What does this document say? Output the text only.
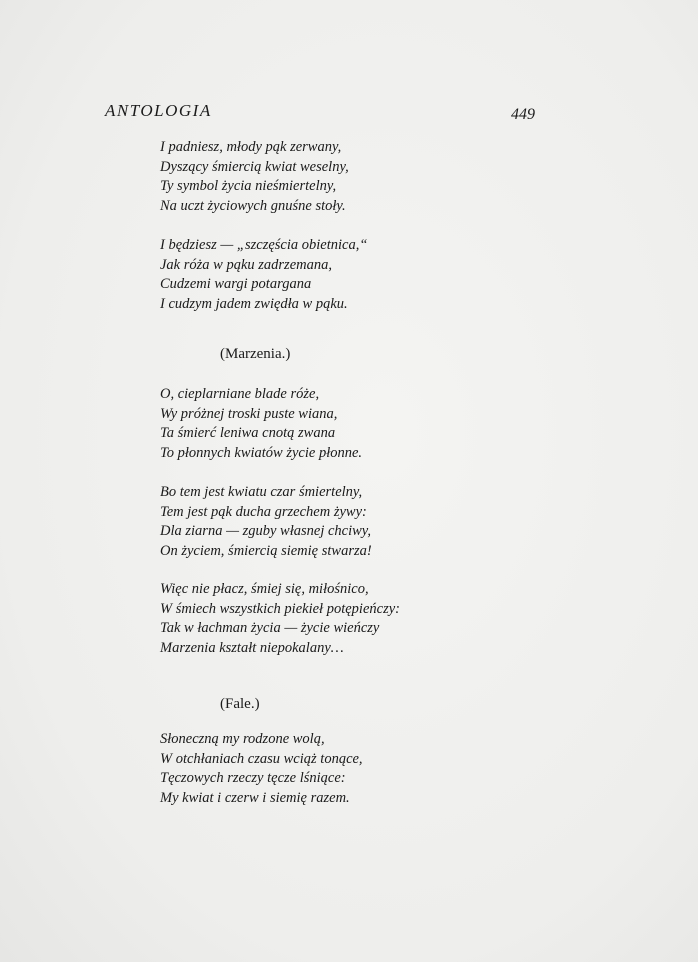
ANTOLOGIA	449
I padniesz, młody pąk zerwany,
Dyszący śmiercią kwiat weselny,
Ty symbol życia nieśmiertelny,
Na uczt życiowych gnuśne stoły.
I będziesz — „szczęścia obietnica,“
Jak róża w pąku zadrzemana,
Cudzemi wargi potargana
I cudzym jadem zwiędła w pąku.
(Marzenia.)
O, cieplarniane blade róże,
Wy próżnej troski puste wiana,
Ta śmierć leniwa cnotą zwana
To płonnych kwiatów życie płonne.
Bo tem jest kwiatu czar śmiertelny,
Tem jest pąk ducha grzechem żywy:
Dla ziarna — zguby własnej chciwy,
On życiem, śmiercią siemię stwarza!
Więc nie płacz, śmiej się, miłośnico,
W śmiech wszystkich piekieł potępieńczy:
Tak w łachman życia — życie wieńczy
Marzenia kształt niepokalany…
(Fale.)
Słoneczną my rodzone wolą,
W otchłaniach czasu wciąż tonące,
Tęczowych rzeczy tęcze lśniące:
My kwiat i czerw i siemię razem.
